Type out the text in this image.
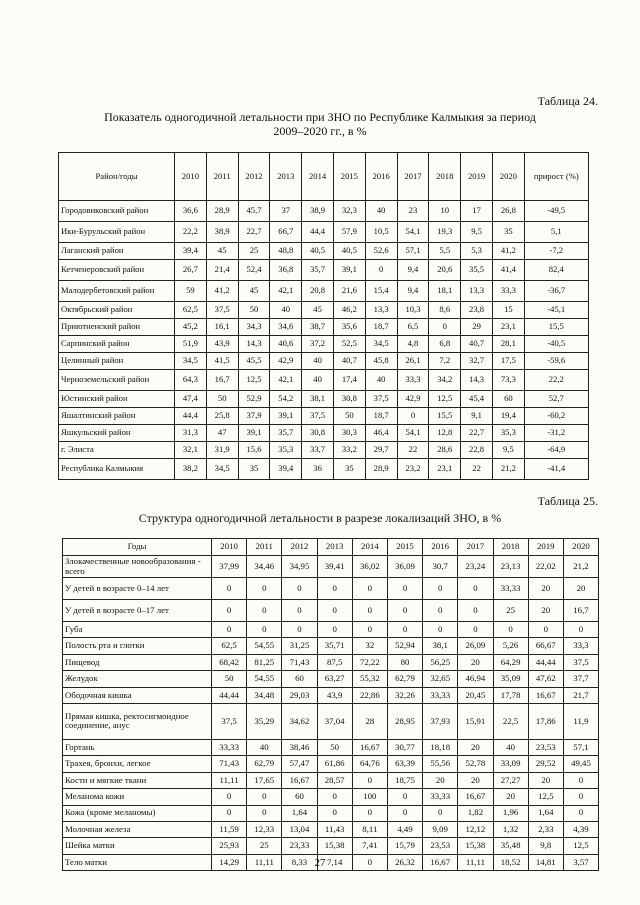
Таблица 24.
Показатель одногодичной летальности при ЗНО по Республике Калмыкия за период
2009–2020 гг., в %
Район/годы	2010	2011	2012	2013	2014	2015	2016	2017	2018	2019	2020	прирост (%)
Городовиковский район	36,6	28,9	45,7	37	38,9	32,3	40	23	10	17	26,8	-49,5
Ики-Бурульский район	22,2	38,9	22,7	66,7	44,4	57,9	10,5	54,1	19,3	9,5	35	5,1
Лаганский район	39,4	45	25	48,8	40,5	40,5	52,6	57,1	5,5	5,3	41,2	-7,2
Кетченеровский район	26,7	21,4	52,4	36,8	35,7	39,1	0	9,4	20,6	35,5	41,4	82,4
Малодербетовский район	59	41,2	45	42,1	20,8	21,6	15,4	9,4	18,1	13,3	33,3	-36,7
Октябрьский район	62,5	37,5	50	40	45	46,2	13,3	10,3	8,6	23,8	15	-45,1
Приютненский район	45,2	16,1	34,3	34,6	38,7	35,6	18,7	6,5	0	29	23,1	15,5
Сарпинский район	51,9	43,9	14,3	40,6	37,2	52,5	34,5	4,8	6,8	40,7	28,1	-40,5
Целинный район	34,5	41,5	45,5	42,9	40	40,7	45,8	26,1	7,2	32,7	17,5	-59,6
Черноземельский район	64,3	16,7	12,5	42,1	40	17,4	40	33,3	34,2	14,3	73,3	22,2
Юстинский район	47,4	50	52,9	54,2	38,1	30,8	37,5	42,9	12,5	45,4	60	52,7
Яшалтинский район	44,4	25,8	37,9	39,1	37,5	50	18,7	0	15,5	9,1	19,4	-60,2
Яшкульский район	31,3	47	39,1	35,7	30,8	30,3	46,4	54,1	12,8	22,7	35,3	-31,2
г. Элиста	32,1	31,9	15,6	35,3	33,7	33,2	29,7	22	28,6	22,8	9,5	-64,9
Республика Калмыкия	38,2	34,5	35	39,4	36	35	28,9	23,2	23,1	22	21,2	-41,4
Таблица 25.
Структура одногодичной летальности в разрезе локализаций ЗНО, в %
Годы	2010	2011	2012	2013	2014	2015	2016	2017	2018	2019	2020
Злокачественные новообразования - всего	37,99	34,46	34,95	39,41	36,02	36,09	30,7	23,24	23,13	22,02	21,2
У детей в возрасте 0–14 лет	0	0	0	0	0	0	0	0	33,33	20	20
У детей в возрасте 0–17 лет	0	0	0	0	0	0	0	0	25	20	16,7
Губа	0	0	0	0	0	0	0	0	0	0	0
Полость рта и глотки	62,5	54,55	31,25	35,71	32	52,94	38,1	26,09	5,26	66,67	33,3
Пищевод	68,42	81,25	71,43	87,5	72,22	80	56,25	20	64,29	44,44	37,5
Желудок	50	54,55	60	63,27	55,32	62,79	32,65	46,94	35,09	47,62	37,7
Ободочная кишка	44,44	34,48	29,03	43,9	22,86	32,26	33,33	20,45	17,78	16,67	21,7
Прямая кишка, ректосигмоидное соединение, анус	37,5	35,29	34,62	37,04	28	28,95	37,93	15,91	22,5	17,86	11,9
Гортань	33,33	40	38,46	50	16,67	30,77	18,18	20	40	23,53	57,1
Трахея, бронхи, легкое	71,43	62,79	57,47	61,86	64,76	63,39	55,56	52,78	33,09	29,52	49,45
Кости и мягкие ткани	11,11	17,65	16,67	28,57	0	18,75	20	20	27,27	20	0
Меланома кожи	0	0	60	0	100	0	33,33	16,67	20	12,5	0
Кожа (кроме меланомы)	0	0	1,64	0	0	0	0	1,82	1,96	1,64	0
Молочная железа	11,59	12,33	13,04	11,43	8,11	4,49	9,09	12,12	1,32	2,33	4,39
Шейка матки	25,93	25	23,33	15,38	7,41	15,79	23,53	15,38	35,48	9,8	12,5
Тело матки	14,29	11,11	8,33	7,14	0	26,32	16,67	11,11	18,52	14,81	3,57
27
